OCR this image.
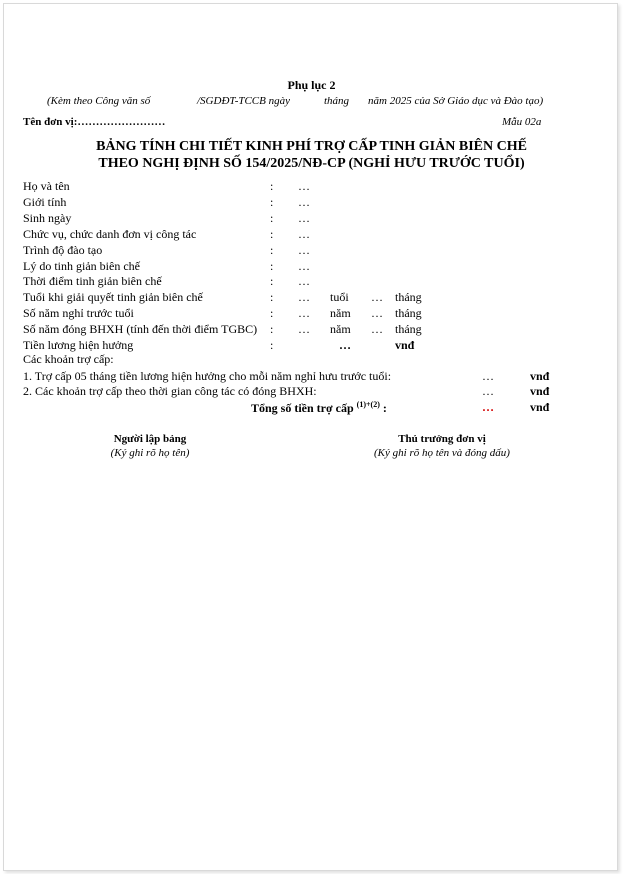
Phụ lục 2
(Kèm theo Công văn số	/SGDĐT-TCCB ngày	tháng năm 2025 của Sở Giáo dục và Đào tạo)
Tên đơn vị:……………………	Mẫu 02a
BẢNG TÍNH CHI TIẾT KINH PHÍ TRỢ CẤP TINH GIẢN BIÊN CHẾ
THEO NGHỊ ĐỊNH SỐ 154/2025/NĐ-CP (NGHỈ HƯU TRƯỚC TUỔI)
Họ và tên	: …
Giới tính	: …
Sinh ngày	: …
Chức vụ, chức danh đơn vị công tác	: …
Trình độ đào tạo	: …
Lý do tinh giản biên chế	: …
Thời điểm tinh giản biên chế	: …
Tuổi khi giải quyết tinh giản biên chế	: … tuổi … tháng
Số năm nghỉ trước tuổi	: … năm … tháng
Số năm đóng BHXH (tính đến thời điểm TGBC) : … năm … tháng
Tiền lương hiện hưởng	:	…	vnđ
Các khoản trợ cấp:
1. Trợ cấp 05 tháng tiền lương hiện hưởng cho mỗi năm nghỉ hưu trước tuổi:	…	vnđ
2. Các khoản trợ cấp theo thời gian công tác có đóng BHXH:	…	vnđ
Tổng số tiền trợ cấp $^{(1)+(2)}$ :	…	vnđ
Người lập bảng
(Ký ghi rõ họ tên)
Thủ trưởng đơn vị
(Ký ghi rõ họ tên và đóng dấu)
